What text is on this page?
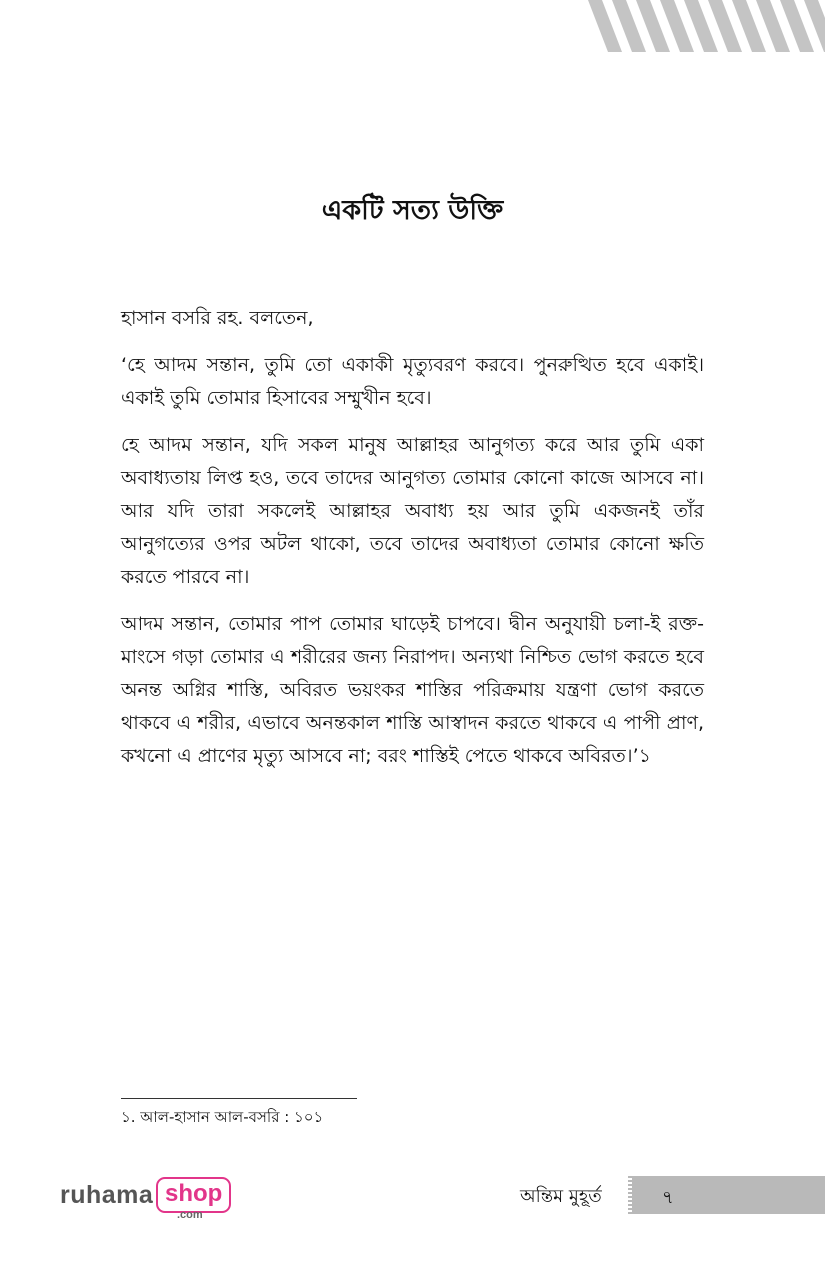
একটি সত্য উক্তি

হাসান বসরি রহ. বলতেন,

‘হে আদম সন্তান, তুমি তো একাকী মৃত্যুবরণ করবে। পুনরুত্থিত হবে একাই। একাই তুমি তোমার হিসাবের সম্মুখীন হবে।

হে আদম সন্তান, যদি সকল মানুষ আল্লাহর আনুগত্য করে আর তুমি একা অবাধ্যতায় লিপ্ত হও, তবে তাদের আনুগত্য তোমার কোনো কাজে আসবে না। আর যদি তারা সকলেই আল্লাহর অবাধ্য হয় আর তুমি একজনই তাঁর আনুগত্যের ওপর অটল থাকো, তবে তাদের অবাধ্যতা তোমার কোনো ক্ষতি করতে পারবে না।

আদম সন্তান, তোমার পাপ তোমার ঘাড়েই চাপবে। দ্বীন অনুযায়ী চলা-ই রক্ত-মাংসে গড়া তোমার এ শরীরের জন্য নিরাপদ। অন্যথা নিশ্চিত ভোগ করতে হবে অনন্ত অগ্নির শাস্তি, অবিরত ভয়ংকর শাস্তির পরিক্রমায় যন্ত্রণা ভোগ করতে থাকবে এ শরীর, এভাবে অনন্তকাল শাস্তি আস্বাদন করতে থাকবে এ পাপী প্রাণ, কখনো এ প্রাণের মৃত্যু আসবে না; বরং শাস্তিই পেতে থাকবে অবিরত।’১

১. আল-হাসান আল-বসরি : ১০১
ruhama shop
.com
অন্তিম মুহূর্ত	৭
